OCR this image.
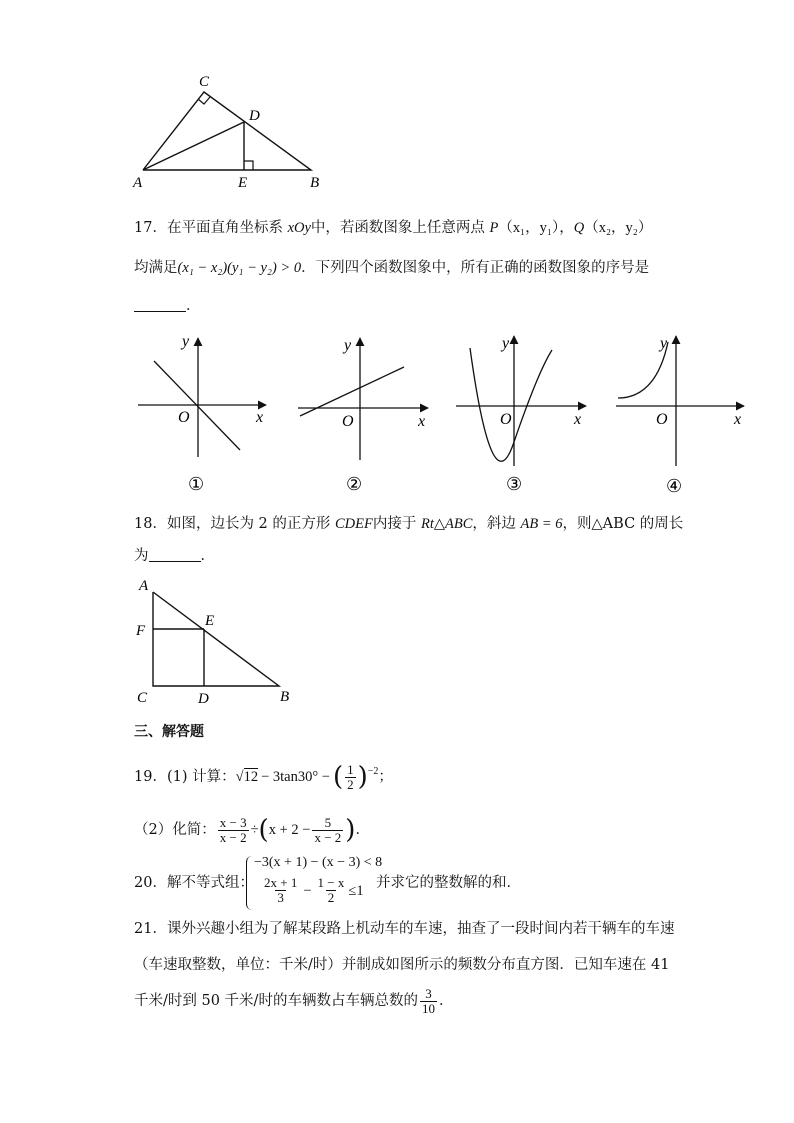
C
D
A	E	B
17．在平面直角坐标系 xOy中，若函数图象上任意两点 P（x₁，y₁），Q（x₂，y₂）
均满足(x₁ − x₂)(y₁ − y₂) > 0．下列四个函数图象中，所有正确的函数图象的序号是
．
y
x
O
①
y
x
O
②
y
x
O
③
y
x
O
④
18．如图，边长为 2 的正方形 CDEF内接于 Rt△ABC，斜边 AB = 6，则△ABC 的周长
为	．
A
F
E
C	D	B
三、解答题
19．(1)
计算： √12 − 3tan30° − ( $\frac{1}{2} )^{-2}$ ；
（2）化简： $\frac{x - 3}{x - 2}$ ÷ ( $x + 2 - \frac{5}{x - 2}$ ) ．
20．解不等式组：
−3(x + 1) − (x − 3) < 8
$\frac{2x + 1}{3} - \frac{1 - x}{2} \le 1$ 并求它的整数解的和．
21．课外兴趣小组为了解某段路上机动车的车速，抽查了一段时间内若干辆车的车速
（车速取整数，单位：千米/时）并制成如图所示的频数分布直方图．已知车速在 41
千米/时到 50 千米/时的车辆数占车辆总数的 $\frac{3}{10}$ ．
